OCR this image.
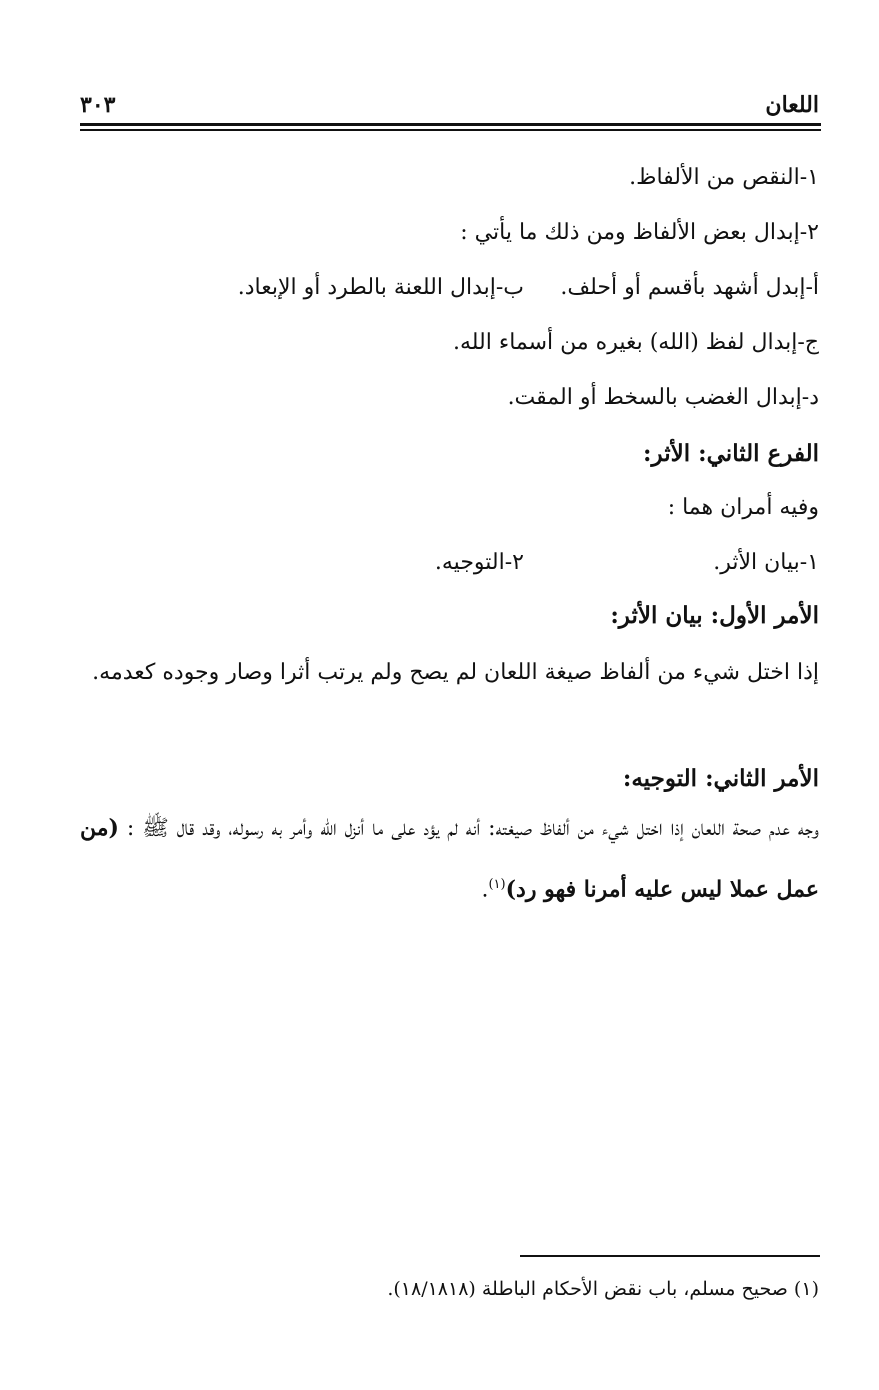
اللعان
٣٠٣
١-النقص من الألفاظ.
٢-إبدال بعض الألفاظ ومن ذلك ما يأتي :
أ-إبدل أشهد بأقسم أو أحلف.
ب-إبدال اللعنة بالطرد أو الإبعاد.
ج-إبدال لفظ (الله) بغيره من أسماء الله.
د-إبدال الغضب بالسخط أو المقت.
الفرع الثاني: الأثر:
وفيه أمران هما :
١-بيان الأثر.
٢-التوجيه.
الأمر الأول: بيان الأثر:
إذا اختل شيء من ألفاظ صيغة اللعان لم يصح ولم يرتب أثرا وصار وجوده كعدمه.
الأمر الثاني: التوجيه:
وجه عدم صحة اللعان إذا اختل شيء من ألفاظ صيغته: أنه لم يؤد على ما أنزل الله وأمر به رسوله، وقد قال ﷺ : (من عمل عملا ليس عليه أمرنا فهو رد)$^{(١)}$.
(١) صحيح مسلم، باب نقض الأحكام الباطلة (١٨/١٨١٨).
